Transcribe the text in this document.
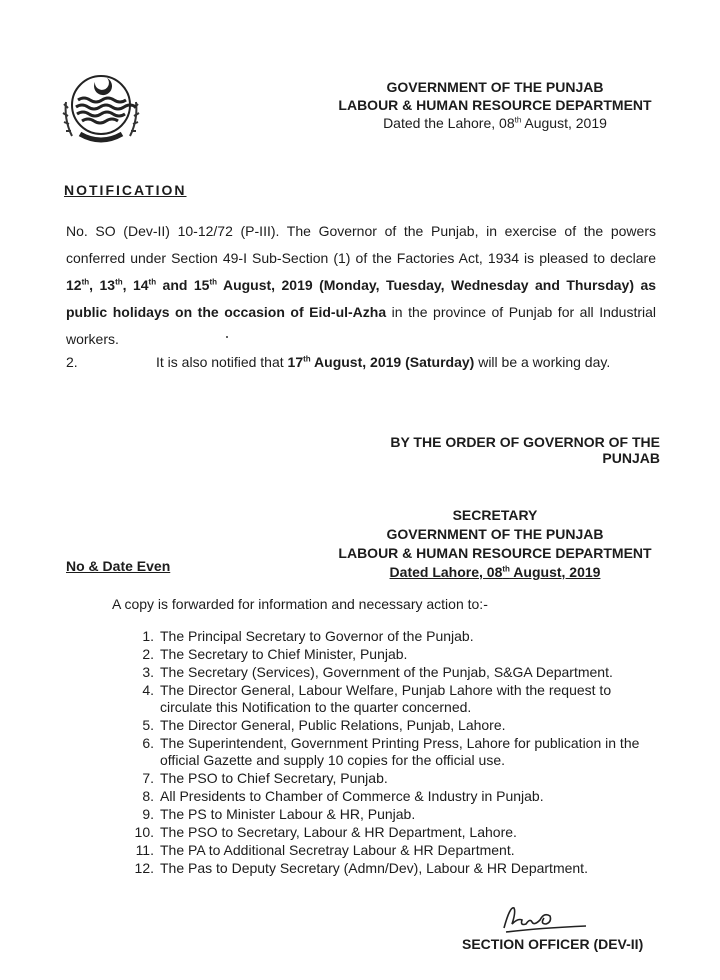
GOVERNMENT OF THE PUNJAB
LABOUR & HUMAN RESOURCE DEPARTMENT
Dated the Lahore, 08th August, 2019
NOTIFICATION
No. SO (Dev-II) 10-12/72 (P-III). The Governor of the Punjab, in exercise of the powers conferred under Section 49-I Sub-Section (1) of the Factories Act, 1934 is pleased to declare 12th, 13th, 14th and 15th August, 2019 (Monday, Tuesday, Wednesday and Thursday) as public holidays on the occasion of Eid-ul-Azha in the province of Punjab for all Industrial workers.
2.	It is also notified that 17th August, 2019 (Saturday) will be a working day.
BY THE ORDER OF GOVERNOR OF THE PUNJAB
SECRETARY
GOVERNMENT OF THE PUNJAB
LABOUR & HUMAN RESOURCE DEPARTMENT
Dated Lahore, 08th August, 2019
No & Date Even
A copy is forwarded for information and necessary action to:-
1. The Principal Secretary to Governor of the Punjab.
2. The Secretary to Chief Minister, Punjab.
3. The Secretary (Services), Government of the Punjab, S&GA Department.
4. The Director General, Labour Welfare, Punjab Lahore with the request to circulate this Notification to the quarter concerned.
5. The Director General, Public Relations, Punjab, Lahore.
6. The Superintendent, Government Printing Press, Lahore for publication in the official Gazette and supply 10 copies for the official use.
7. The PSO to Chief Secretary, Punjab.
8. All Presidents to Chamber of Commerce & Industry in Punjab.
9. The PS to Minister Labour & HR, Punjab.
10. The PSO to Secretary, Labour & HR Department, Lahore.
11. The PA to Additional Secretray Labour & HR Department.
12. The Pas to Deputy Secretary (Admn/Dev), Labour & HR Department.
SECTION OFFICER (DEV-II)
